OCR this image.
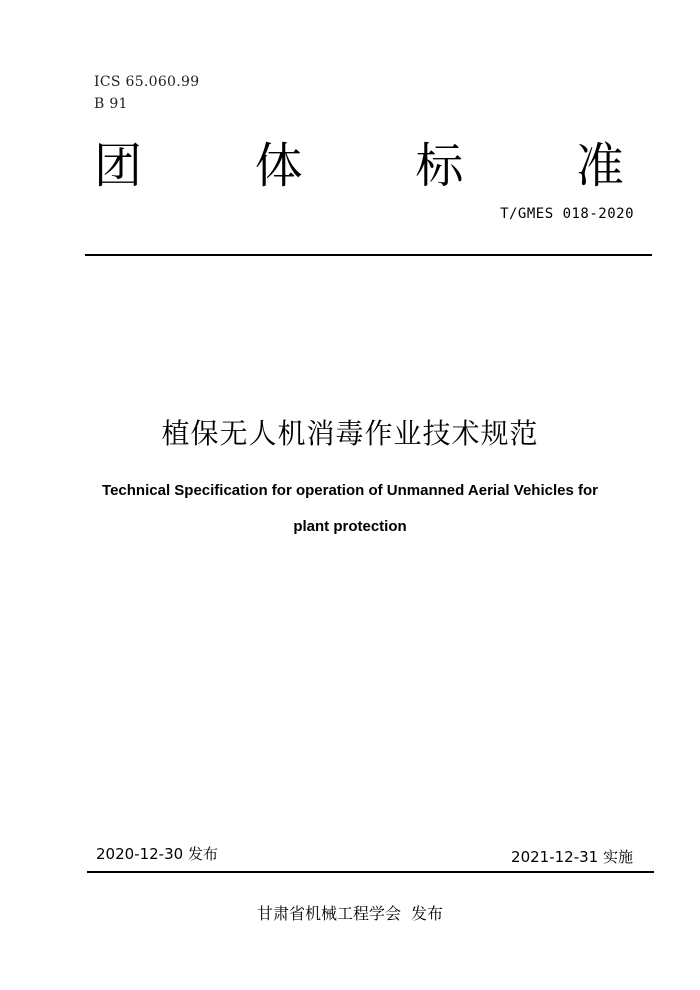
ICS 65.060.99
B 91
团 体 标 准
T/GMES 018-2020
植保无人机消毒作业技术规范
Technical Specification for operation of Unmanned Aerial Vehicles for
plant protection
2020-12-30 发布	2021-12-31 实施
甘肃省机械工程学会 发布
